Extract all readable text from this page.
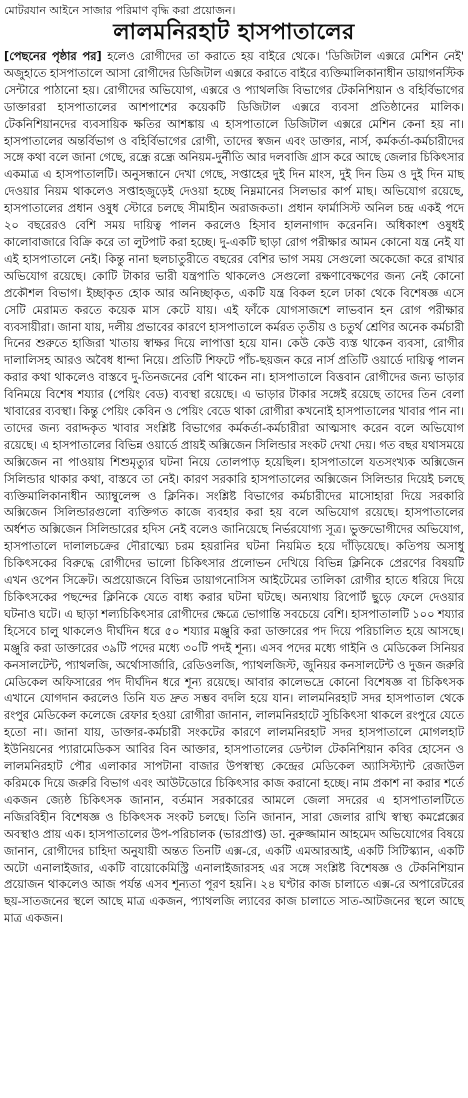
মোটরযান আইনে সাজার পরিমাণ বৃদ্ধি করা প্রয়োজন।
লালমনিরহাট হাসপাতালের

[পেছনের পৃষ্ঠার পর] হলেও রোগীদের তা করাতে হয় বাইরে থেকে। 'ডিজিটাল এক্সরে মেশিন নেই' অজুহাতে হাসপাতালে আসা রোগীদের ডিজিটাল এক্সরে করাতে বাইরে ব্যক্তিমালিকানাধীন ডায়াগনস্টিক সেন্টারে পাঠানো হয়। রোগীদের অভিযোগ, এক্সরে ও প্যাথলজি বিভাগের টেকনিশিয়ান ও বহির্বিভাগের ডাক্তাররা হাসপাতালের আশপাশের কয়েকটি ডিজিটাল এক্সরে ব্যবসা প্রতিষ্ঠানের মালিক। টেকনিশিয়ানদের ব্যবসায়িক ক্ষতির আশঙ্কায় এ হাসপাতালে ডিজিটাল এক্সরে মেশিন কেনা হয় না। হাসপাতালের অন্তর্বিভাগ ও বহির্বিভাগের রোগী, তাদের স্বজন এবং ডাক্তার, নার্স, কর্মকর্তা-কর্মচারীদের সঙ্গে কথা বলে জানা গেছে, রন্ধ্রে রন্ধ্রে অনিয়ম-দুর্নীতি আর দলবাজি গ্রাস করে আছে জেলার চিকিৎসার একমাত্র এ হাসপাতালটি। অনুসন্ধানে দেখা গেছে, সপ্তাহের দুই দিন মাংস, দুই দিন ডিম ও দুই দিন মাছ দেওয়ার নিয়ম থাকলেও সপ্তাহজুড়েই দেওয়া হচ্ছে নিম্নমানের সিলভার কার্প মাছ। অভিযোগ রয়েছে, হাসপাতালের প্রধান ওষুধ স্টোরে চলছে সীমাহীন অরাজকতা। প্রধান ফার্মাসিস্ট অনিল চন্দ্র একই পদে ২০ বছরেরও বেশি সময় দায়িত্ব পালন করলেও হিসাব হালনাগাদ করেননি। অধিকাংশ ওষুধই কালোবাজারে বিক্রি করে তা লুটপাট করা হচ্ছে। দু-একটি ছাড়া রোগ পরীক্ষার আমন কোনো যন্ত্র নেই যা এই হাসপাতালে নেই। কিন্তু নানা ছলচাতুরীতে বছরের বেশির ভাগ সময় সেগুলো অকেজো করে রাখার অভিযোগ রয়েছে। কোটি টাকার ভারী যন্ত্রপাতি থাকলেও সেগুলো রক্ষণাবেক্ষণের জন্য নেই কোনো প্রকৌশল বিভাগ। ইচ্ছাকৃত হোক আর অনিচ্ছাকৃত, একটি যন্ত্র বিকল হলে ঢাকা থেকে বিশেষজ্ঞ এসে সেটি মেরামত করতে কয়েক মাস কেটে যায়। এই ফাঁকে যোগসাজশে লাভবান হন রোগ পরীক্ষার ব্যবসায়ীরা। জানা যায়, দলীয় প্রভাবের কারণে হাসপাতালে কর্মরত তৃতীয় ও চতুর্থ শ্রেণির অনেক কর্মচারী দিনের শুরুতে হাজিরা খাতায় স্বাক্ষর দিয়ে লাপাত্তা হয়ে যান। কেউ কেউ ব্যস্ত থাকেন ব্যবসা, রোগীর দালালিসহ আরও অবৈধ ধান্দা নিয়ে। প্রতিটি শিফটে পাঁচ-ছয়জন করে নার্স প্রতিটি ওয়ার্ডে দায়িত্ব পালন করার কথা থাকলেও বাস্তবে দু-তিনজনের বেশি থাকেন না। হাসপাতালে বিত্তবান রোগীদের জন্য ভাড়ার বিনিময়ে বিশেষ শয্যার (পেয়িং বেড) ব্যবস্থা রয়েছে। এ ভাড়ার টাকার সঙ্গেই রয়েছে তাদের তিন বেলা খাবারের ব্যবস্থা। কিন্তু পেয়িং কেবিন ও পেয়িং বেডে থাকা রোগীরা কখনোই হাসপাতালের খাবার পান না। তাদের জন্য বরাদ্দকৃত খাবার সংশ্লিষ্ট বিভাগের কর্মকর্তা-কর্মচারীরা আত্মসাৎ করেন বলে অভিযোগ রয়েছে। এ হাসপাতালের বিভিন্ন ওয়ার্ডে প্রায়ই অক্সিজেন সিলিন্ডার সংকট দেখা দেয়। গত বছর যথাসময়ে অক্সিজেন না পাওয়ায় শিশুমৃত্যুর ঘটনা নিয়ে তোলপাড় হয়েছিল। হাসপাতালে যতসংখ্যক অক্সিজেন সিলিন্ডার থাকার কথা, বাস্তবে তা নেই। কারণ সরকারি হাসপাতালের অক্সিজেন সিলিন্ডার দিয়েই চলছে ব্যক্তিমালিকানাধীন অ্যাম্বুলেন্স ও ক্লিনিক। সংশ্লিষ্ট বিভাগের কর্মচারীদের মাসোহারা দিয়ে সরকারি অক্সিজেন সিলিন্ডারগুলো ব্যক্তিগত কাজে ব্যবহার করা হয় বলে অভিযোগ রয়েছে। হাসপাতালের অর্ধশত অক্সিজেন সিলিন্ডারের হদিস নেই বলেও জানিয়েছে নির্ভরযোগ্য সূত্র। ভুক্তভোগীদের অভিযোগ, হাসপাতালে দালালচক্রের দৌরাত্ম্যে চরম হয়রানির ঘটনা নিয়মিত হয়ে দাঁড়িয়েছে। কতিপয় অসাধু চিকিৎসকের বিরুদ্ধে রোগীদের ভালো চিকিৎসার প্রলোভন দেখিয়ে বিভিন্ন ক্লিনিকে প্রেরণের বিষয়টি এখন ওপেন সিক্রেট। অপ্রয়োজনে বিভিন্ন ডায়াগনোসিস আইটেমের তালিকা রোগীর হাতে ধরিয়ে দিয়ে চিকিৎসকের পছন্দের ক্লিনিকে যেতে বাধ্য করার ঘটনা ঘটছে। অন্যথায় রিপোর্ট ছুড়ে ফেলে দেওয়ার ঘটনাও ঘটে। এ ছাড়া শল্যচিকিৎসার রোগীদের ক্ষেত্রে ভোগান্তি সবচেয়ে বেশি। হাসপাতালটি ১০০ শয্যার হিসেবে চালু থাকলেও দীর্ঘদিন ধরে ৫০ শয্যার মঞ্জুরি করা ডাক্তারের পদ দিয়ে পরিচালিত হয়ে আসছে। মঞ্জুরি করা ডাক্তারের ৩৯টি পদের মধ্যে ৩০টি পদই শূন্য। এসব পদের মধ্যে গাইনি ও মেডিকেল সিনিয়র কনসালটেন্ট, প্যাথলজি, অর্থোসার্জারি, রেডিওলজি, প্যাথলজিস্ট, জুনিয়র কনসালটেন্ট ও দুজন জরুরি মেডিকেল অফিসারের পদ দীর্ঘদিন ধরে শূন্য রয়েছে। আবার কালেভদ্রে কোনো বিশেষজ্ঞ বা চিকিৎসক এখানে যোগদান করলেও তিনি যত দ্রুত সম্ভব বদলি হয়ে যান। লালমনিরহাট সদর হাসপাতাল থেকে রংপুর মেডিকেল কলেজে রেফার হওয়া রোগীরা জানান, লালমনিরহাটে সুচিকিৎসা থাকলে রংপুরে যেতে হতো না। জানা যায়, ডাক্তার-কর্মচারী সংকটের কারণে লালমনিরহাট সদর হাসপাতালে মোগলহাট ইউনিয়নের প্যারামেডিকস আবির বিন আক্তার, হাসপাতালের ডেন্টাল টেকনিশিয়ান কবির হোসেন ও লালমনিরহাট পৌর এলাকার সাপটানা বাজার উপস্বাস্থ্য কেন্দ্রের মেডিকেল অ্যাসিস্ট্যান্ট রেজাউল করিমকে দিয়ে জরুরি বিভাগ এবং আউটডোরে চিকিৎসার কাজ করানো হচ্ছে। নাম প্রকাশ না করার শর্তে একজন জ্যেষ্ঠ চিকিৎসক জানান, বর্তমান সরকারের আমলে জেলা সদরের এ হাসপাতালটিতে নজিরবিহীন বিশেষজ্ঞ ও চিকিৎসক সংকট চলছে। তিনি জানান, সারা জেলার রাখি স্বাস্থ্য কমপ্লেক্সের অবস্থাও প্রায় এক। হাসপাতালের উপ-পরিচালক (ভারপ্রাপ্ত) ডা. নুরুজ্জামান আহমেদ অভিযোগের বিষয়ে জানান, রোগীদের চাহিদা অনুযায়ী অন্তত তিনটি এক্স-রে, একটি এমআরআই, একটি সিটিস্ক্যান, একটি অটো এনালাইজার, একটি বায়োকেমিস্ট্রি এনালাইজারসহ এর সঙ্গে সংশ্লিষ্ট বিশেষজ্ঞ ও টেকনিশিয়ান প্রয়োজন থাকলেও আজ পর্যন্ত এসব শূন্যতা পূরণ হয়নি। ২৪ ঘণ্টার কাজ চালাতে এক্স-রে অপারেটরের ছয়-সাতজনের স্থলে আছে মাত্র একজন, প্যাথলজি ল্যাবের কাজ চালাতে সাত-আটজনের স্থলে আছে মাত্র একজন।
